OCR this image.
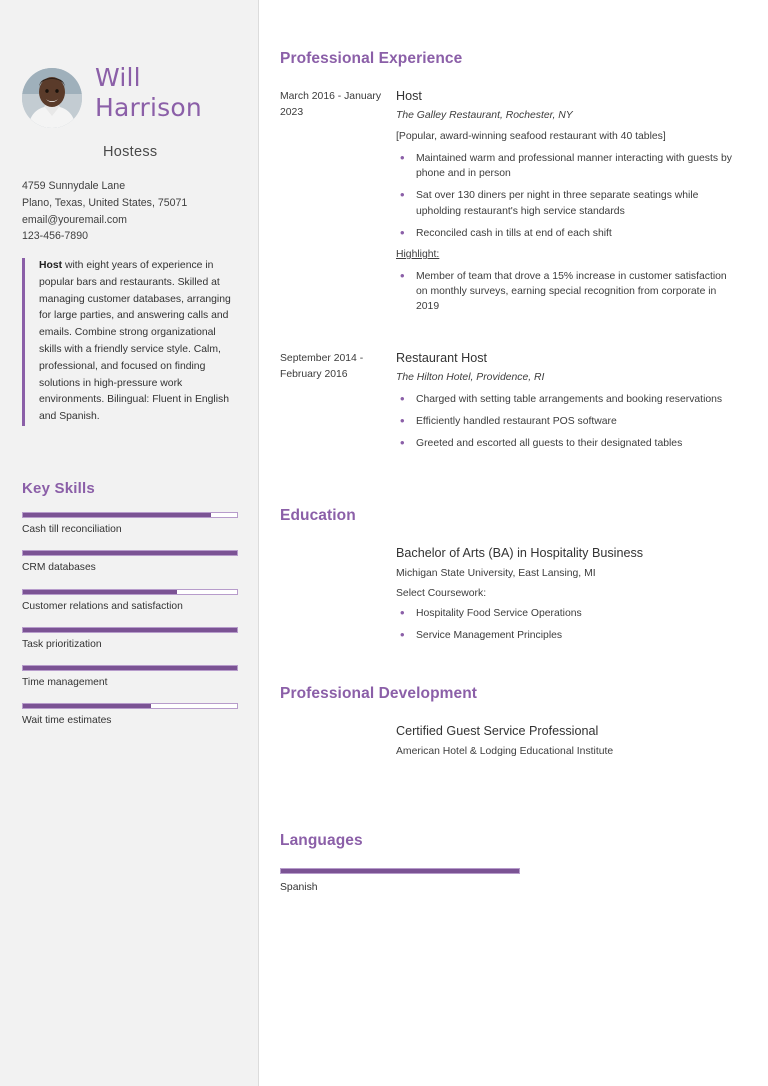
Will
Harrison
Hostess
4759 Sunnydale Lane
Plano, Texas, United States, 75071
email@youremail.com
123-456-7890
Host with eight years of experience in popular bars and restaurants. Skilled at managing customer databases, arranging for large parties, and answering calls and emails. Combine strong organizational skills with a friendly service style. Calm, professional, and focused on finding solutions in high-pressure work environments. Bilingual: Fluent in English and Spanish.
Key Skills
Cash till reconciliation
CRM databases
Customer relations and satisfaction
Task prioritization
Time management
Wait time estimates
Professional Experience
March 2016 - January 2023
Host
The Galley Restaurant, Rochester, NY
[Popular, award-winning seafood restaurant with 40 tables]
• Maintained warm and professional manner interacting with guests by phone and in person
• Sat over 130 diners per night in three separate seatings while upholding restaurant's high service standards
• Reconciled cash in tills at end of each shift
Highlight:
• Member of team that drove a 15% increase in customer satisfaction on monthly surveys, earning special recognition from corporate in 2019
September 2014 - February 2016
Restaurant Host
The Hilton Hotel, Providence, RI
• Charged with setting table arrangements and booking reservations
• Efficiently handled restaurant POS software
• Greeted and escorted all guests to their designated tables
Education
Bachelor of Arts (BA) in Hospitality Business
Michigan State University, East Lansing, MI
Select Coursework:
• Hospitality Food Service Operations
• Service Management Principles
Professional Development
Certified Guest Service Professional
American Hotel & Lodging Educational Institute
Languages
Spanish
